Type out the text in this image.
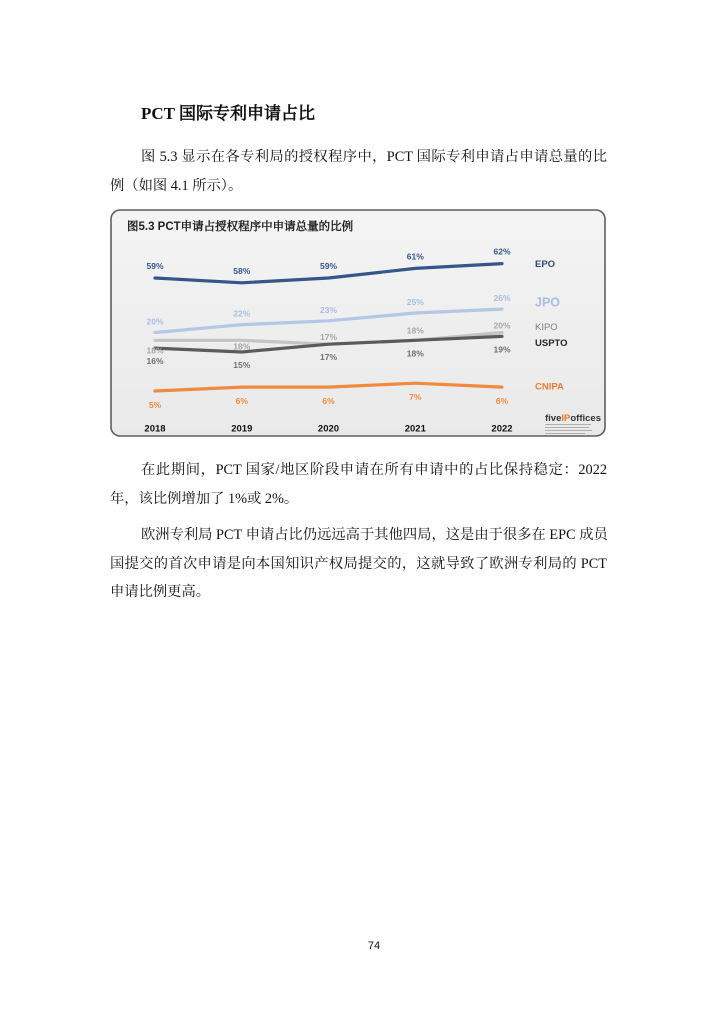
PCT 国际专利申请占比
图 5.3 显示在各专利局的授权程序中，PCT 国际专利申请占申请总量的比
例（如图 4.1 所示）。
图5.3 PCT申请占授权程序中申请总量的比例
59%	58%	59%
61%	62%
EPO
20%
22%	23%
25%	26% JPO
18%	18%
17%
18%	20%	KIPO
16%	15%
17%	18%	19%
USPTO
5%	6%	6%	7%	6%
CNIPA
2018	2019	2020	2021	2022
fiveIPoffices
在此期间，PCT 国家/地区阶段申请在所有申请中的占比保持稳定：2022
年，该比例增加了 1%或 2%。
欧洲专利局 PCT 申请占比仍远远高于其他四局，这是由于很多在 EPC 成员
国提交的首次申请是向本国知识产权局提交的，这就导致了欧洲专利局的 PCT
申请比例更高。
74
